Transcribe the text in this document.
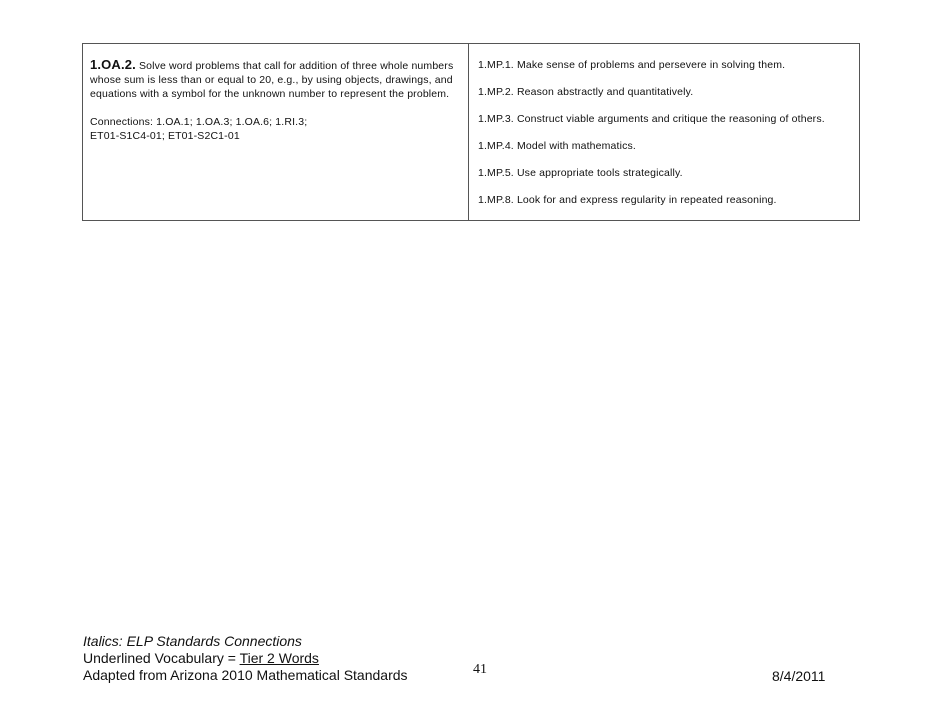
1.OA.2. Solve word problems that call for addition of three whole numbers whose sum is less than or equal to 20, e.g., by using objects, drawings, and equations with a symbol for the unknown number to represent the problem.
Connections: 1.OA.1; 1.OA.3; 1.OA.6; 1.RI.3;
ET01-S1C4-01; ET01-S2C1-01
1.MP.1. Make sense of problems and persevere in solving them.
1.MP.2. Reason abstractly and quantitatively.
1.MP.3. Construct viable arguments and critique the reasoning of others.
1.MP.4. Model with mathematics.
1.MP.5. Use appropriate tools strategically.
1.MP.8. Look for and express regularity in repeated reasoning.
Italics: ELP Standards Connections
Underlined Vocabulary = Tier 2 Words
Adapted from Arizona 2010 Mathematical Standards	41	8/4/2011
